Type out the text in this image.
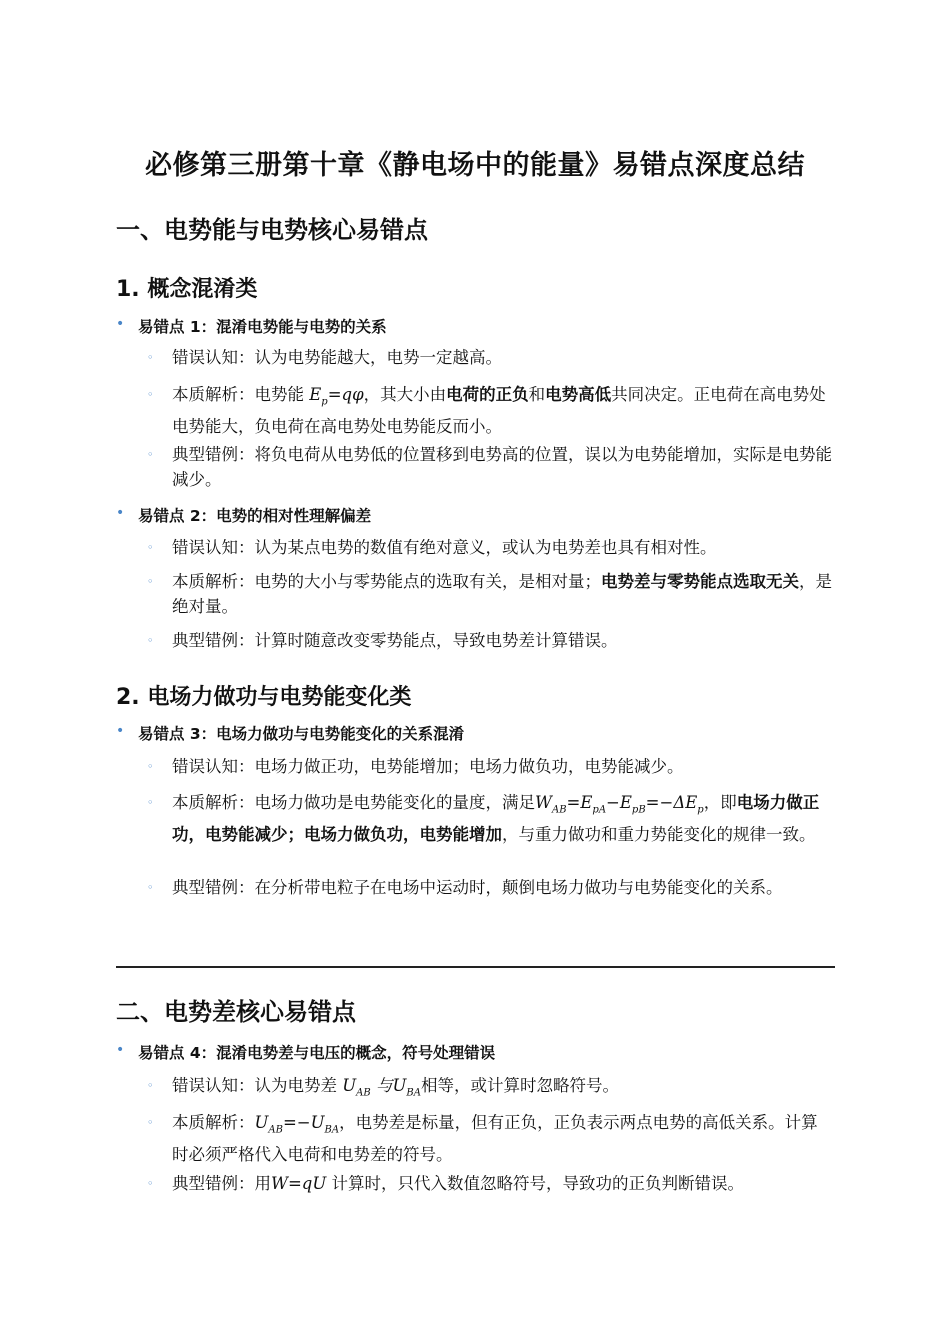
必修第三册第十章《静电场中的能量》易错点深度总结
一、电势能与电势核心易错点
1. 概念混淆类
• 易错点 1：混淆电势能与电势的关系
◦ 错误认知：认为电势能越大，电势一定越高。
◦ 本质解析：电势能 $E_p=q\varphi$，其大小由电荷的正负和电势高低共同决定。正电荷在高电势处电势能大，负电荷在高电势处电势能反而小。
◦ 典型错例：将负电荷从电势低的位置移到电势高的位置，误以为电势能增加，实际是电势能减少。
• 易错点 2：电势的相对性理解偏差
◦ 错误认知：认为某点电势的数值有绝对意义，或认为电势差也具有相对性。
◦ 本质解析：电势的大小与零势能点的选取有关，是相对量；电势差与零势能点选取无关，是绝对量。
◦ 典型错例：计算时随意改变零势能点，导致电势差计算错误。
2. 电场力做功与电势能变化类
• 易错点 3：电场力做功与电势能变化的关系混淆
◦ 错误认知：电场力做正功，电势能增加；电场力做负功，电势能减少。
◦ 本质解析：电场力做功是电势能变化的量度，满足$W_{AB}=E_{pA}-E_{pB}=-\Delta E_p$，即电场力做正功，电势能减少；电场力做负功，电势能增加，与重力做功和重力势能变化的规律一致。
◦ 典型错例：在分析带电粒子在电场中运动时，颠倒电场力做功与电势能变化的关系。
二、电势差核心易错点
• 易错点 4：混淆电势差与电压的概念，符号处理错误
◦ 错误认知：认为电势差 $U_{AB}$ 与$U_{BA}$相等，或计算时忽略符号。
◦ 本质解析：$U_{AB}=-U_{BA}$，电势差是标量，但有正负，正负表示两点电势的高低关系。计算时必须严格代入电荷和电势差的符号。
◦ 典型错例：用W=qU 计算时，只代入数值忽略符号，导致功的正负判断错误。
